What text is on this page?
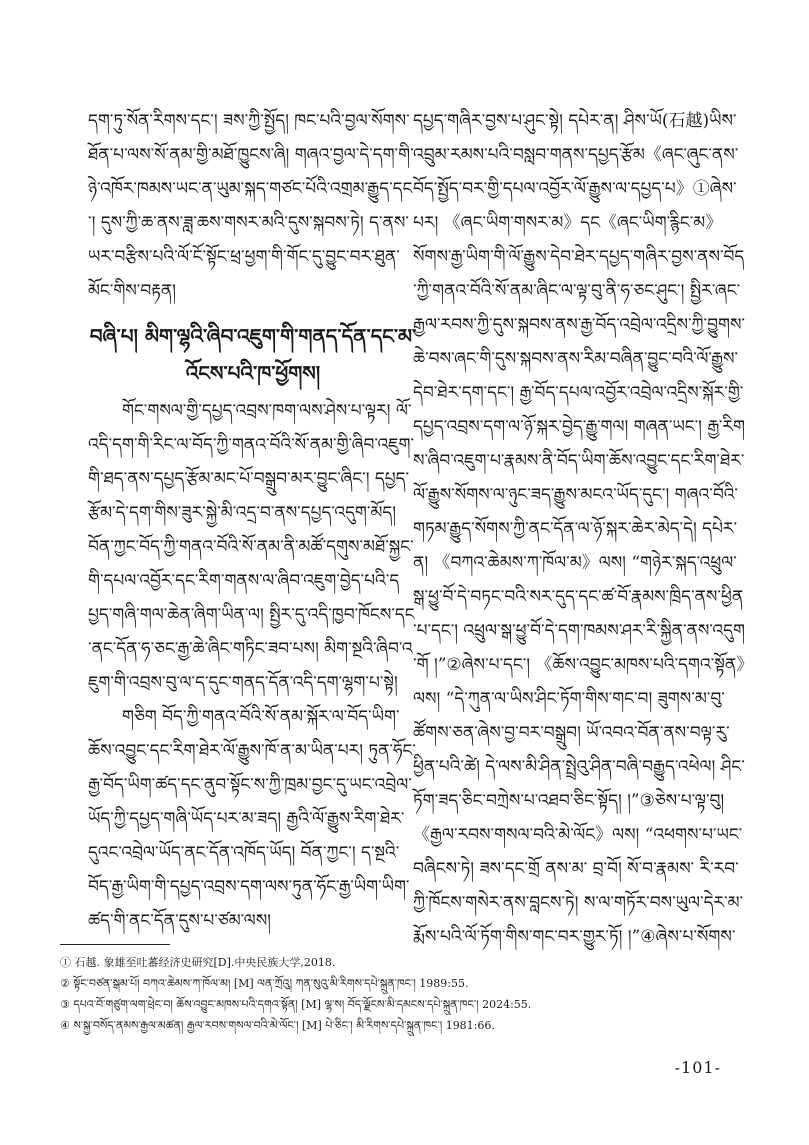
དག་ཏུ་སོན་རིགས་དང་། ཟས་ཀྱི་སྤྱོད། ཁང་པའི་བྱལ་སོགས་ཐོན་པ་ལས་སོ་ནམ་གྱི་མཐོ་ཁྱུངས་ཞི། གཞའ་བྱལ་དེ་དག་གི་ཉེ་འཁོར་ཁམས་ཡང་ན་ཡུམ་སྐད་གཙང་པོའི་འགྲམ་རྒྱུད་དང་། དུས་ཀྱི་ཆ་ནས་ཟླ་ཆས་གསར་མའི་དུས་སྐབས་ཏེ། ད་ནས་ཡར་བརྩིས་པའི་ལོ་ངོ་སྟོང་ཕྲ་ཕྱག་གི་གོང་དུ་བྱུང་བར་ཐུན་མོང་གིས་བརྟན།

བཞི་པ། མིག་ལྷའི་ཞིབ་འཇུག་གི་གནད་དོན་དང་མ་འོངས་པའི་ཁ་ཕྱོགས།

གོང་གསལ་གྱི་དཔྱད་འབྲས་ཁག་ལས་ཤེས་པ་ལྟར། ལོ་འདི་དག་གི་རིང་ལ་བོད་ཀྱི་གནའ་བོའི་སོ་ནམ་གྱི་ཞིབ་འཇུག་གི་ཐད་ནས་དཔྱད་རྩོམ་མང་པོ་བསྒྲུབ་མར་བྱུང་ཞིང་། དཔྱད་རྩོམ་དེ་དག་གིས་ཟུར་སྐྱེ་མི་འདྲ་བ་ནས་དཔྱད་འདུག་མོད། བོན་ཀྱང་བོད་ཀྱི་གནའ་བོའི་སོ་ནམ་ནི་མཚོ་དགུས་མཐོ་སྐྱང་གི་དཔལ་འབྱོར་དང་རིག་གནས་ལ་ཞིབ་འཇུག་བྱེད་པའི་དཔྱད་གཞི་གལ་ཆེན་ཞིག་ཡིན་ལ། སྤྱིར་དུ་འདི་ཁྱབ་ཁོངས་དང་ནང་དོན་ཧ་ཅང་རྒྱ་ཆེ་ཞིང་གཏིང་ཟབ་པས། མིག་སྔའི་ཞིབ་འཇུག་གི་འབྲས་བུ་ལ་ད་དུང་གནད་དོན་འདི་དག་ལྷག་པ་སྟེ།

གཅིག བོད་ཀྱི་གནའ་བོའི་སོ་ནམ་སྐོར་ལ་བོད་ཡིག་ཆོས་འབྱུང་དང་རིག་ཐེར་ལོ་རྒྱུས་ཁོ་ན་མ་ཡིན་པར། ཏུན་ཧོང་རྒྱ་བོད་ཡིག་ཚད་དང་ནུབ་སྟོང་ས་ཀྱི་ཁྲམ་བྱང་དུ་ཡང་འབྲེལ་ཡོད་ཀྱི་དཔྱད་གཞི་ཡོད་པར་མ་ཟད། རྒྱའི་ལོ་རྒྱུས་རིག་ཐེར་དུའང་འབྲེལ་ཡོད་ནང་དོན་འཁོད་ཡོད། བོན་ཀྱང་། ད་སྔའི་བོད་རྒྱ་ཡིག་གི་དཔྱད་འབྲས་དག་ལས་ཏུན་ཧོང་རྒྱ་ཡིག་ཡིག་ཚད་གི་ནང་དོན་དུས་པ་ཙམ་ལས།

དཔྱད་གཞིར་བྱས་པ་ཤུང་སྟེ། དཔེར་ན། ཤིས་ཡོ(石越)ཡིས་འབྲུམ་རམས་པའི་བསླབ་གནས་དཔྱད་རྩོམ《ཞང་ཞུང་ནས་བོད་སྤྱོད་བར་གྱི་དཔལ་འབྱོར་ལོ་རྒྱུས་ལ་དཔྱད་པ》①ཞེས་པར། 《ཞང་ཡིག་གསར་མ》དང《ཞང་ཡིག་རྙིང་མ》སོགས་རྒྱ་ཡིག་གི་ལོ་རྒྱུས་དེབ་ཐེར་དཔྱད་གཞིར་བྱས་ནས་བོད་ཀྱི་གནའ་བོའི་སོ་ནམ་ཞིང་ལ་ལྟ་བུ་ནི་ཧ་ཅང་ཤུང་། སྤྱིར་ཞང་རྒྱལ་རབས་ཀྱི་དུས་སྐབས་ནས་རྒྱ་བོད་འབྲེལ་འདྲིས་ཀྱི་བྱུགས་ཆེ་བས་ཞང་གི་དུས་སྐབས་ནས་རིམ་བཞིན་བྱུང་བའི་ལོ་རྒྱུས་དེབ་ཐེར་དག་དང་། རྒྱ་བོད་དཔལ་འབྱོར་འབྲེལ་འདྲིས་སྐོར་གྱི་དཔྱད་འབྲས་དག་ལ་ཉོ་སྐར་བྱེད་རྒྱུ་གལ། གཞན་ཡང་། རྒྱ་རིགས་ཞིབ་འཇུག་པ་རྣམས་ནི་བོད་ཡིག་ཆོས་འབྱུང་དང་རིག་ཐེར་ལོ་རྒྱུས་སོགས་ལ་ཉུང་ཟད་རྒྱུས་མངའ་ཡོད་དུང་། གཞའ་བོའི་གཏམ་རྒྱུད་སོགས་ཀྱི་ནང་དོན་ལ་ཉོ་སྐར་ཆེར་མེད་དེ། དཔེར་ན། 《བཀའ་ཆེམས་ཀ་ཁོལ་མ》ལས། “གཉེར་སྐད་འཕྲུལ་སྒ་ཕྱུ་བོ་དེ་བཏང་བའི་སར་དུད་དང་ཚ་བོ་རྣམས་ཁྲིད་ནས་ཕྱིན་པ་དང་། འཕྲུལ་སྒ་ཕྱུ་བོ་དེ་དག་ཁམས་ཤར་རི་སྐྱིན་ནས་འདུག་གོ །”②ཞེས་པ་དང་། 《ཆོས་འབྱུང་མཁས་པའི་དགའ་སྟོན》ལས། “དེ་ཀུན་ལ་ཡིས་ཤིང་ཏོག་གིས་གང་བ། ཟུགས་མ་བུ་ཚོགས་ཅན་ཞེས་བྱ་བར་བསྒྲུབ། ཡོ་འབའ་བོན་ནས་བལྟ་རུ་ཕྱིན་པའི་ཚེ། དེ་ལས་མི་ཤིན་སྤྲེའུ་ཤིན་བཞི་བརྒྱུད་འཕེལ། ཤིང་ཏོག་ཟད་ཅིང་བཀྲེས་པ་འཐབ་ཅིང་སྟོད། །”③ཅེས་པ་ལྟ་བུ། 《རྒྱལ་རབས་གསལ་བའི་མེ་ལོང》ལས། “འཕགས་པ་ཡང་བཞིངས་ཏེ། ཟས་དང་གྲོ ནས་མ་ བྲ་བོ། སོ་བ་རྣམས་ རི་རབ་ཀྱི་ཁོངས་གསེར་ནས་བླངས་ཏེ། ས་ལ་གཏོར་བས་ཡུལ་དེར་མ་རྨོས་པའི་ལོ་ཏོག་གིས་གང་བར་གྱུར་ཏོ། །”④ཞེས་པ་སོགས་

① 石越. 象雄至吐蕃经济史研究[D].中央民族大学,2018.
② སྟོང་བཙན་སྒམ་པོ། བཀའ་ཆེམས་ཀ་ཁོལ་མ། [M] ལན་ཀྲོའུ། ཀན་སུའུ་མི་རིགས་དཔེ་སྐྲུན་ཁང་། 1989:55.
③ དཔའ་བོ་གཙུག་ལག་ཕྲེང་བ། ཆོས་འབྱུང་མཁས་པའི་དགའ་སྟོན། [M] ལྷ་ས། བོད་ལྗོངས་མི་དམངས་དཔེ་སྐྲུན་ཁང་། 2024:55.
④ ས་སྐྱ་བསོད་ནམས་རྒྱལ་མཚན། རྒྱལ་རབས་གསལ་བའི་མེ་ལོང་། [M] པེ་ཅིང་། མི་རིགས་དཔེ་སྐྲུན་ཁང་། 1981:66.
-101-
